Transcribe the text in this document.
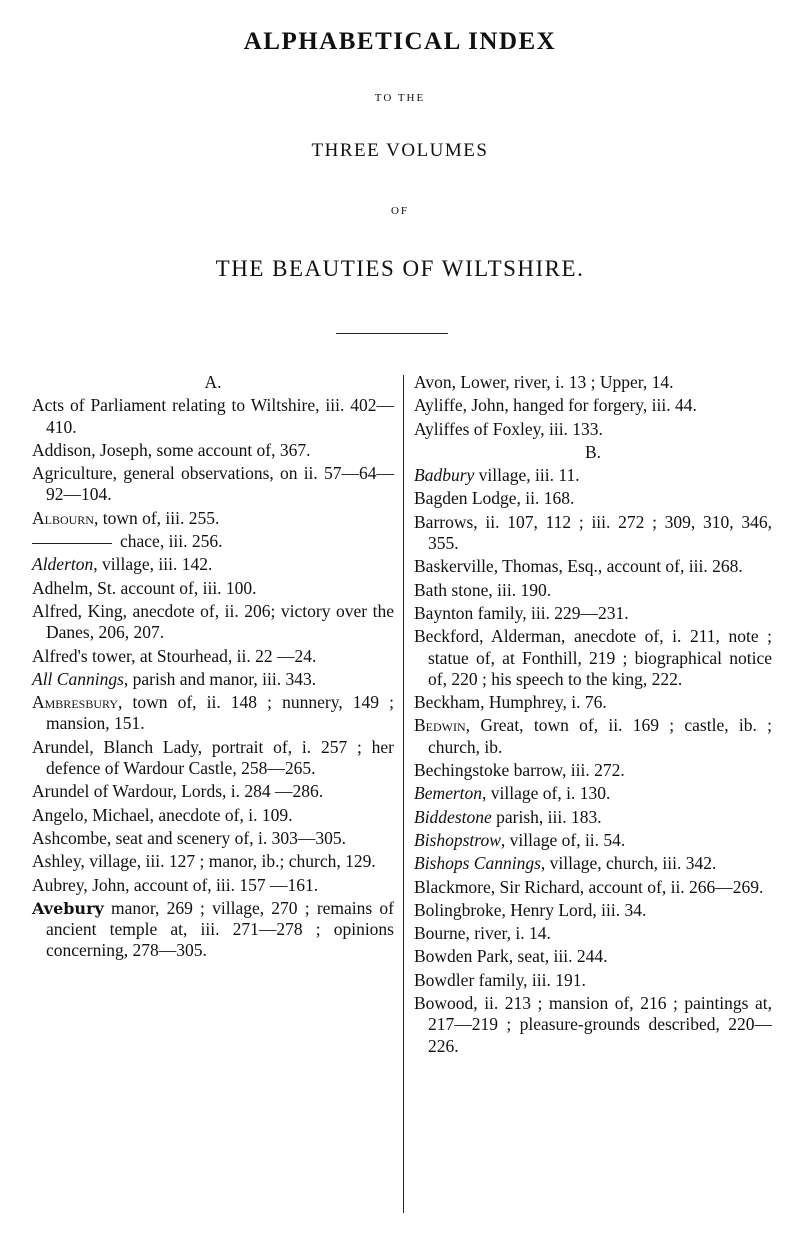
ALPHABETICAL INDEX
TO THE
THREE VOLUMES
OF
THE BEAUTIES OF WILTSHIRE.
A.
Acts of Parliament relating to Wiltshire, iii. 402—410.
Addison, Joseph, some account of, 367.
Agriculture, general observations, on ii. 57—64—92—104.
Albourn, town of, iii. 255.
chace, iii. 256.
Alderton, village, iii. 142.
Adhelm, St. account of, iii. 100.
Alfred, King, anecdote of, ii. 206; victory over the Danes, 206, 207.
Alfred's tower, at Stourhead, ii. 22 —24.
All Cannings, parish and manor, iii. 343.
Ambresbury, town of, ii. 148 ; nunnery, 149 ; mansion, 151.
Arundel, Blanch Lady, portrait of, i. 257 ; her defence of Wardour Castle, 258—265.
Arundel of Wardour, Lords, i. 284 —286.
Angelo, Michael, anecdote of, i. 109.
Ashcombe, seat and scenery of, i. 303—305.
Ashley, village, iii. 127 ; manor, ib.; church, 129.
Aubrey, John, account of, iii. 157 —161.
Avebury manor, 269 ; village, 270 ; remains of ancient temple at, iii. 271—278 ; opinions concerning, 278—305.
Avon, Lower, river, i. 13 ; Upper, 14.
Ayliffe, John, hanged for forgery, iii. 44.
Ayliffes of Foxley, iii. 133.
B.
Badbury village, iii. 11.
Bagden Lodge, ii. 168.
Barrows, ii. 107, 112 ; iii. 272 ; 309, 310, 346, 355.
Baskerville, Thomas, Esq., account of, iii. 268.
Bath stone, iii. 190.
Baynton family, iii. 229—231.
Beckford, Alderman, anecdote of, i. 211, note ; statue of, at Fonthill, 219 ; biographical notice of, 220 ; his speech to the king, 222.
Beckham, Humphrey, i. 76.
Bedwin, Great, town of, ii. 169 ; castle, ib. ; church, ib.
Bechingstoke barrow, iii. 272.
Bemerton, village of, i. 130.
Biddestone parish, iii. 183.
Bishopstrow, village of, ii. 54.
Bishops Cannings, village, church, iii. 342.
Blackmore, Sir Richard, account of, ii. 266—269.
Bolingbroke, Henry Lord, iii. 34.
Bourne, river, i. 14.
Bowden Park, seat, iii. 244.
Bowdler family, iii. 191.
Bowood, ii. 213 ; mansion of, 216 ; paintings at, 217—219 ; pleasure-grounds described, 220—226.
